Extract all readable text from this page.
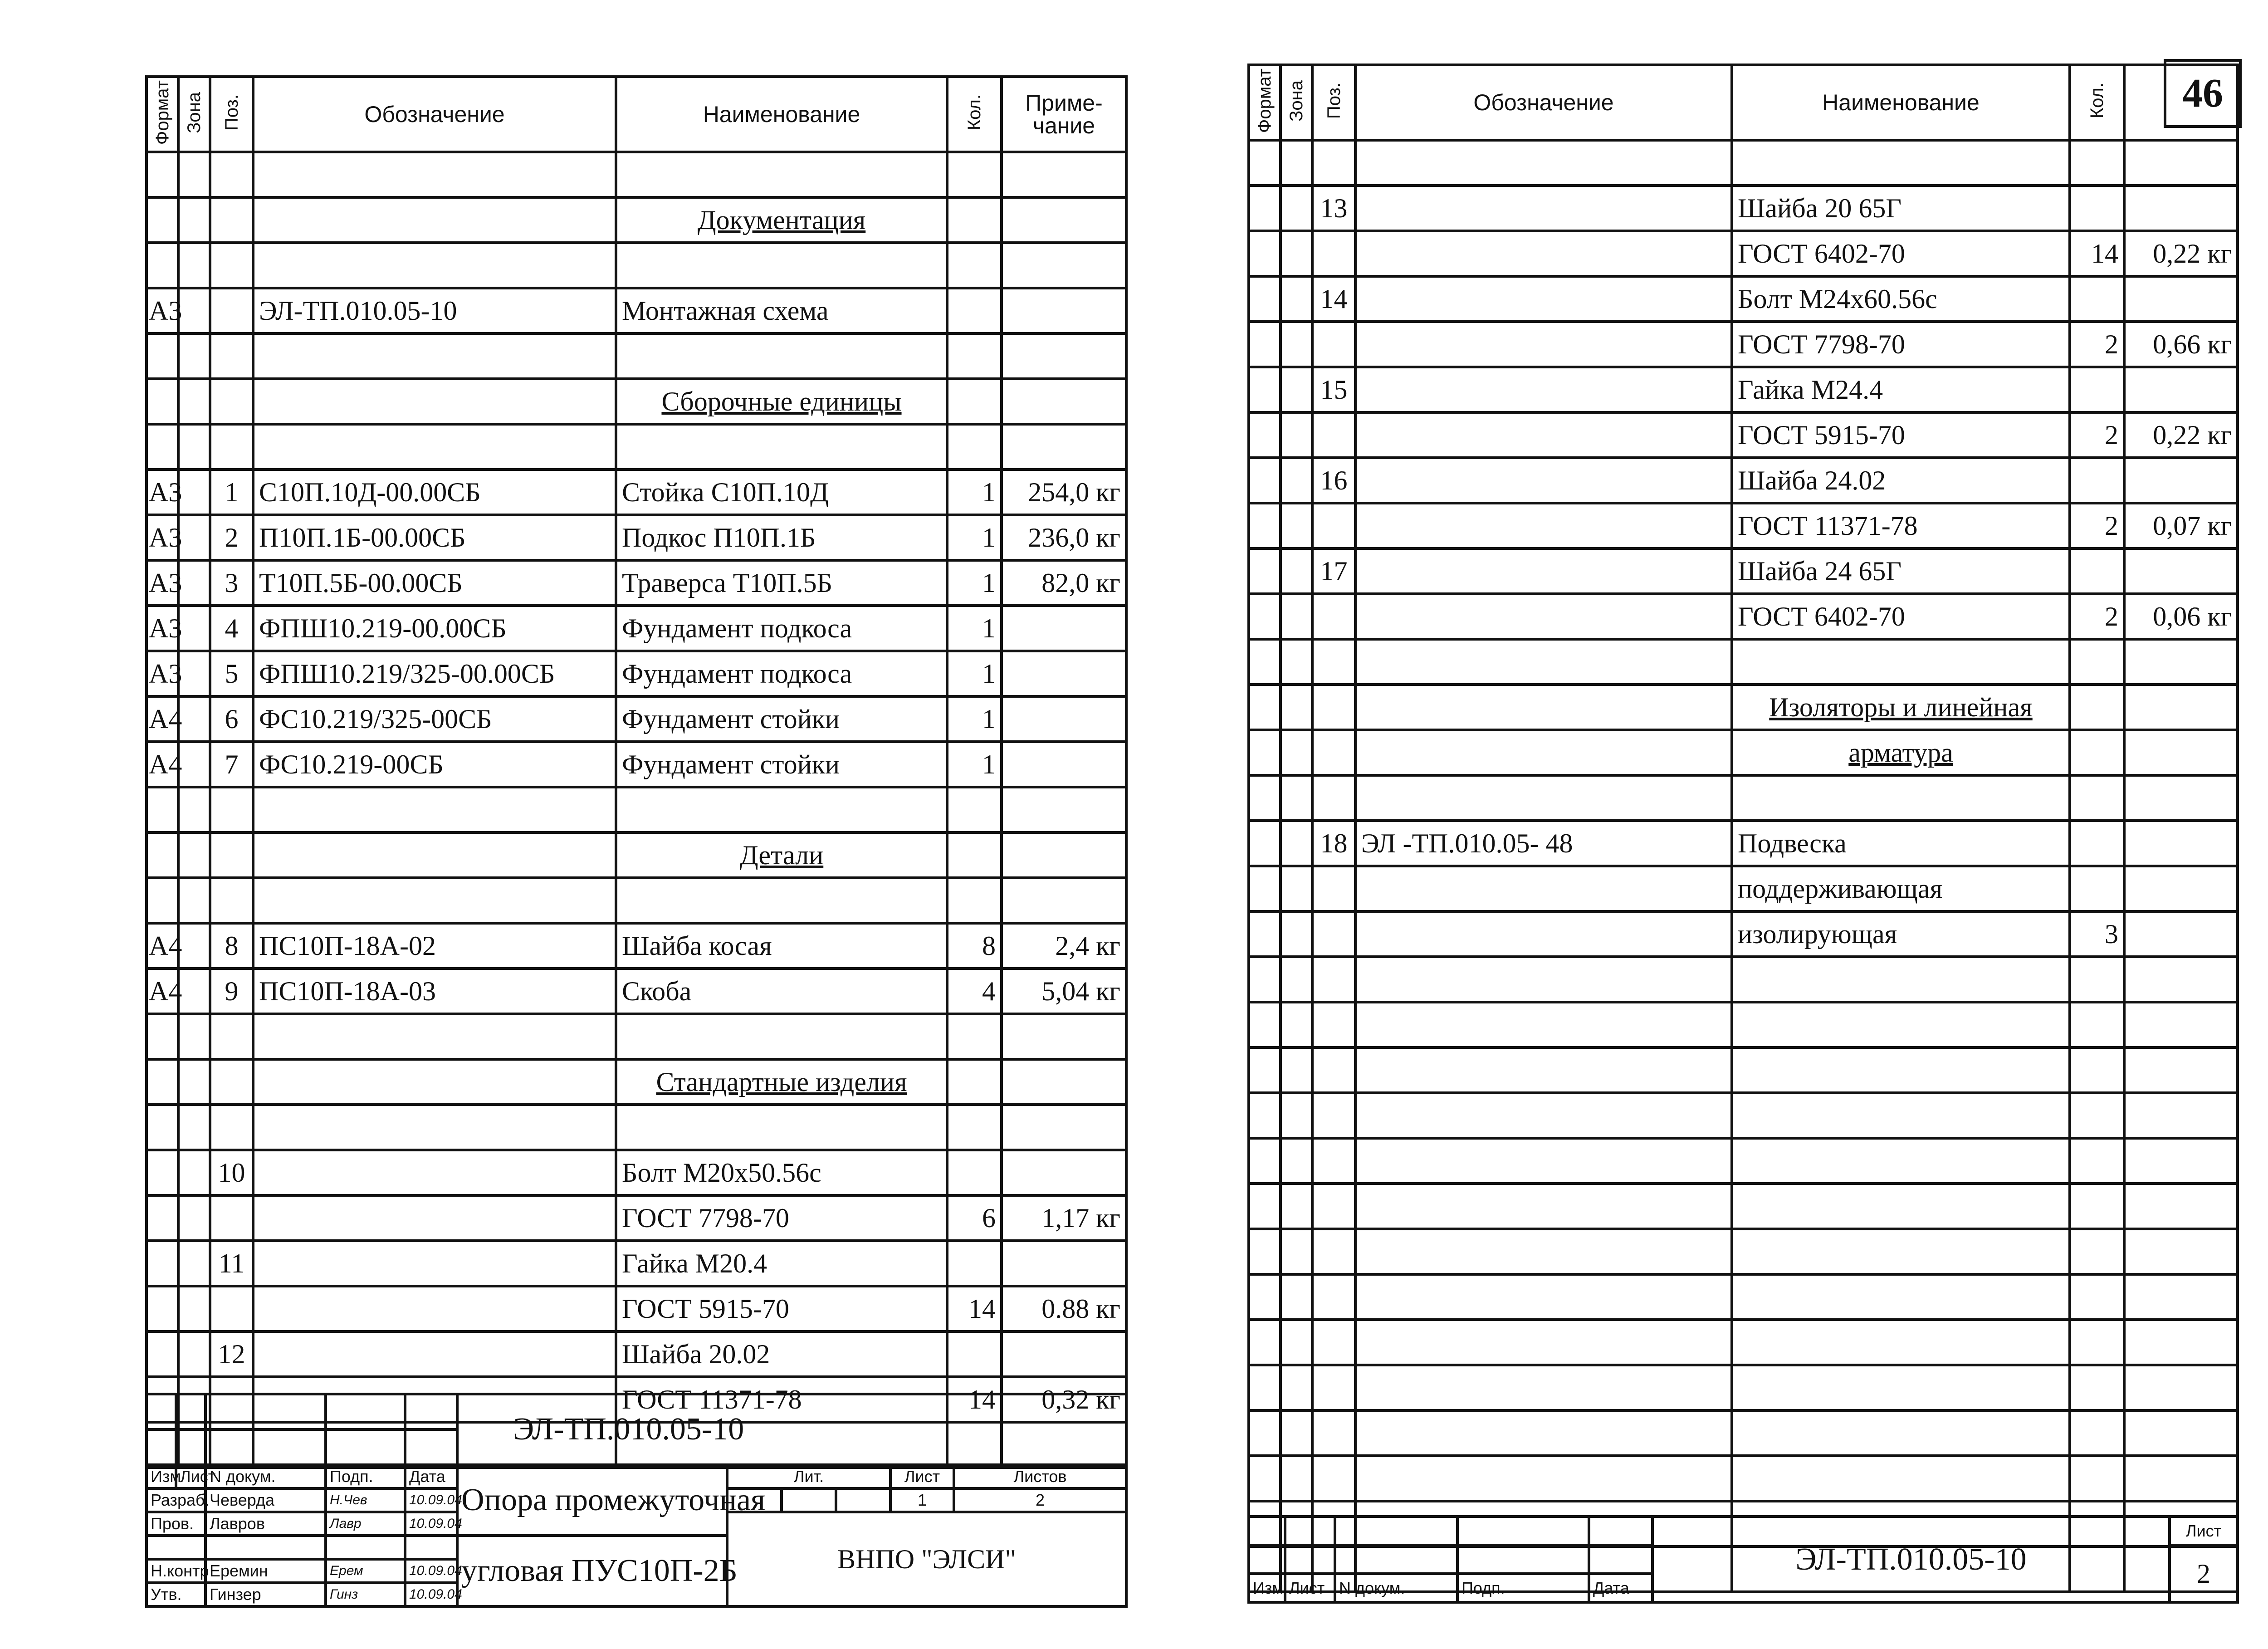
Формат	Зона	Поз.	Обозначение	Наименование	Кол.	Приме-
чание

				Документация		

А3			ЭЛ-ТП.010.05-10	Монтажная схема		

				Сборочные единицы		

А3		1	С10П.10Д-00.00СБ	Стойка С10П.10Д	1	254,0 кг
А3		2	П10П.1Б-00.00СБ	Подкос П10П.1Б	1	236,0 кг
А3		3	Т10П.5Б-00.00СБ	Траверса Т10П.5Б	1	82,0 кг
А3		4	ФПШ10.219-00.00СБ	Фундамент подкоса	1	
А3		5	ФПШ10.219/325-00.00СБ	Фундамент подкоса	1	
А4		6	ФС10.219/325-00СБ	Фундамент стойки	1	
А4		7	ФС10.219-00СБ	Фундамент стойки	1	

				Детали		

А4		8	ПС10П-18А-02	Шайба косая	8	2,4 кг
А4		9	ПС10П-18А-03	Скоба	4	5,04 кг

				Стандартные изделия		

		10		Болт М20х50.56с		
				ГОСТ 7798-70	6	1,17 кг
		11		Гайка М20.4		
				ГОСТ 5915-70	14	0.88 кг
		12		Шайба 20.02		
				ГОСТ 11371-78	14	0,32 кг

					ЭЛ-ТП.010.05-10					

Изм	Лист	N докум.	Подп.	Дата	Опора промежуточная	Лит.			Лист	Листов
Разраб.		Чеверда	Н.Чев	10.09.04					1	2
Пров.		Лавров	Лавр	10.09.04		ВНПО "ЭЛСИ"				
					угловая ПУС10П-2Б					
Н.контр		Еремин	Ерем	10.09.04						
Утв.		Гинзер	Гинз	10.09.04						
46
Формат	Зона	Поз.	Обозначение	Наименование	Кол.	

		13		Шайба 20 65Г		
				ГОСТ 6402-70	14	0,22 кг
		14		Болт М24х60.56с		
				ГОСТ 7798-70	2	0,66 кг
		15		Гайка М24.4		
				ГОСТ 5915-70	2	0,22 кг
		16		Шайба 24.02		
				ГОСТ 11371-78	2	0,07 кг
		17		Шайба 24 65Г		
				ГОСТ 6402-70	2	0,06 кг

				Изоляторы и линейная		
				арматура		

		18	ЭЛ -ТП.010.05- 48	Подвеска		
				поддерживающая		
				изолирующая	3	

					ЭЛ-ТП.010.05-10	Лист
						2
Изм	Лист	N докум.	Подп.	Дата		
